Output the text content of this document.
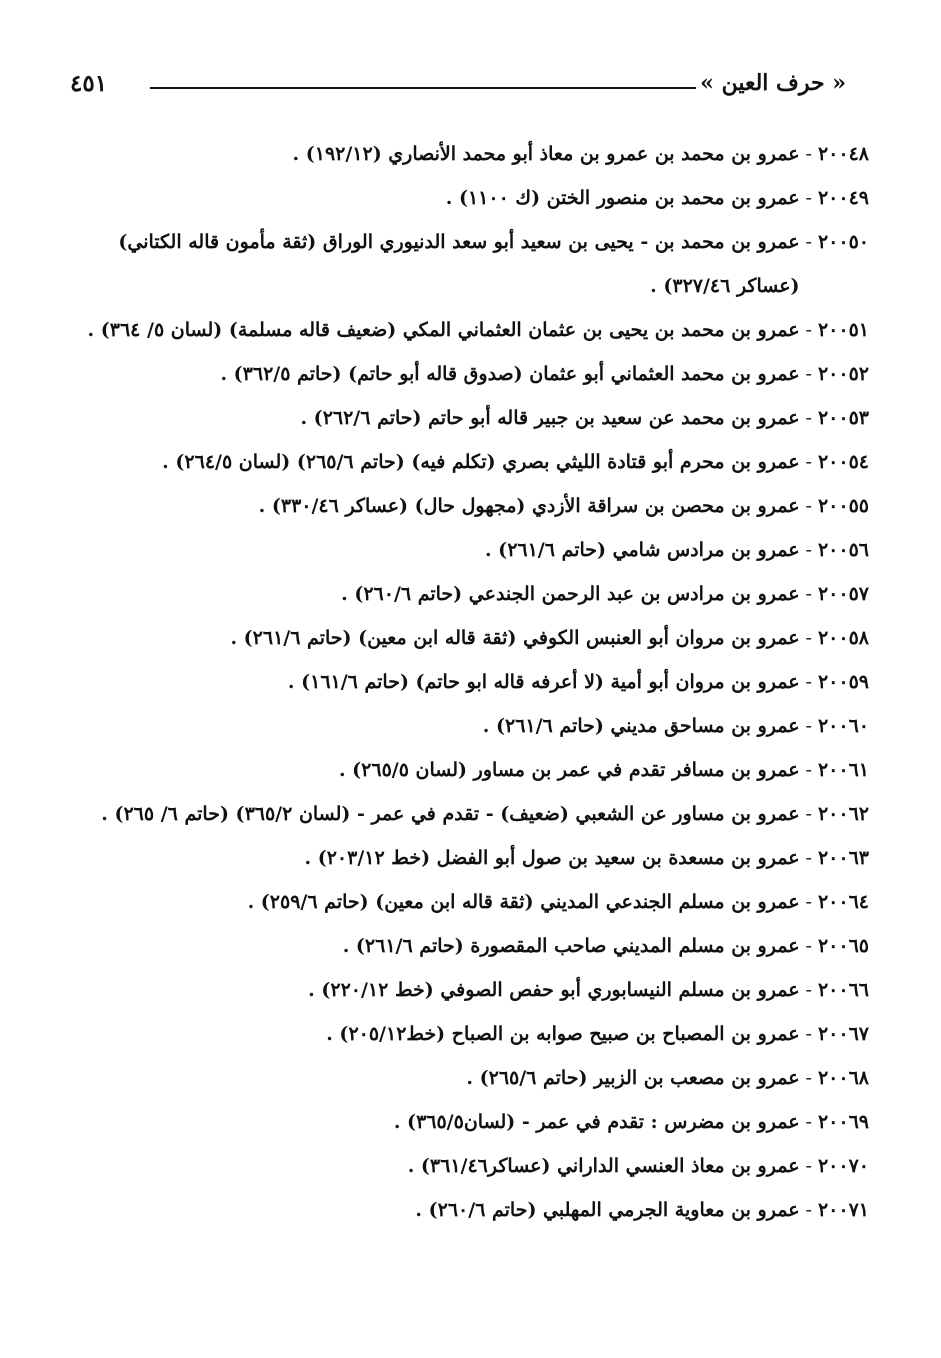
« حرف العين »
٤٥١
٢٠٠٤٨
-
عمرو بن محمد بن عمرو بن معاذ أبو محمد الأنصاري (١٩٢/١٢) .
٢٠٠٤٩
-
عمرو بن محمد بن منصور الختن (ك ١١٠٠) .
٢٠٠٥٠
-
عمرو بن محمد بن - يحيى بن سعيد أبو سعد الدنيوري الوراق (ثقة مأمون قاله الكتاني) (عساكر ٣٢٧/٤٦) .
٢٠٠٥١
-
عمرو بن محمد بن يحيى بن عثمان العثماني المكي (ضعيف قاله مسلمة) (لسان ٥/ ٣٦٤) .
٢٠٠٥٢
-
عمرو بن محمد العثماني أبو عثمان (صدوق قاله أبو حاتم) (حاتم ٣٦٢/٥) .
٢٠٠٥٣
-
عمرو بن محمد عن سعيد بن جبير قاله أبو حاتم (حاتم ٢٦٢/٦) .
٢٠٠٥٤
-
عمرو بن محرم أبو قتادة الليثي بصري (تكلم فيه) (حاتم ٢٦٥/٦) (لسان ٢٦٤/٥) .
٢٠٠٥٥
-
عمرو بن محصن بن سراقة الأزدي (مجهول حال) (عساكر ٣٣٠/٤٦) .
٢٠٠٥٦
-
عمرو بن مرادس شامي (حاتم ٢٦١/٦) .
٢٠٠٥٧
-
عمرو بن مرادس بن عبد الرحمن الجندعي (حاتم ٢٦٠/٦) .
٢٠٠٥٨
-
عمرو بن مروان أبو العنبس الكوفي (ثقة قاله ابن معين) (حاتم ٢٦١/٦) .
٢٠٠٥٩
-
عمرو بن مروان أبو أمية (لا أعرفه قاله ابو حاتم) (حاتم ١٦١/٦) .
٢٠٠٦٠
-
عمرو بن مساحق مديني (حاتم ٢٦١/٦) .
٢٠٠٦١
-
عمرو بن مسافر تقدم في عمر بن مساور (لسان ٢٦٥/٥) .
٢٠٠٦٢
-
عمرو بن مساور عن الشعبي (ضعيف) - تقدم في عمر - (لسان ٣٦٥/٢) (حاتم ٦/ ٢٦٥) .
٢٠٠٦٣
-
عمرو بن مسعدة بن سعيد بن صول أبو الفضل (خط ٢٠٣/١٢) .
٢٠٠٦٤
-
عمرو بن مسلم الجندعي المديني (ثقة قاله ابن معين) (حاتم ٢٥٩/٦) .
٢٠٠٦٥
-
عمرو بن مسلم المديني صاحب المقصورة (حاتم ٢٦١/٦) .
٢٠٠٦٦
-
عمرو بن مسلم النيسابوري أبو حفص الصوفي (خط ٢٢٠/١٢) .
٢٠٠٦٧
-
عمرو بن المصباح بن صبيح صوابه بن الصباح (خط٢٠٥/١٢) .
٢٠٠٦٨
-
عمرو بن مصعب بن الزبير (حاتم ٢٦٥/٦) .
٢٠٠٦٩
-
عمرو بن مضرس : تقدم في عمر - (لسان٣٦٥/٥) .
٢٠٠٧٠
-
عمرو بن معاذ العنسي الداراني (عساكر٣٦١/٤٦) .
٢٠٠٧١
-
عمرو بن معاوية الجرمي المهلبي (حاتم ٢٦٠/٦) .
